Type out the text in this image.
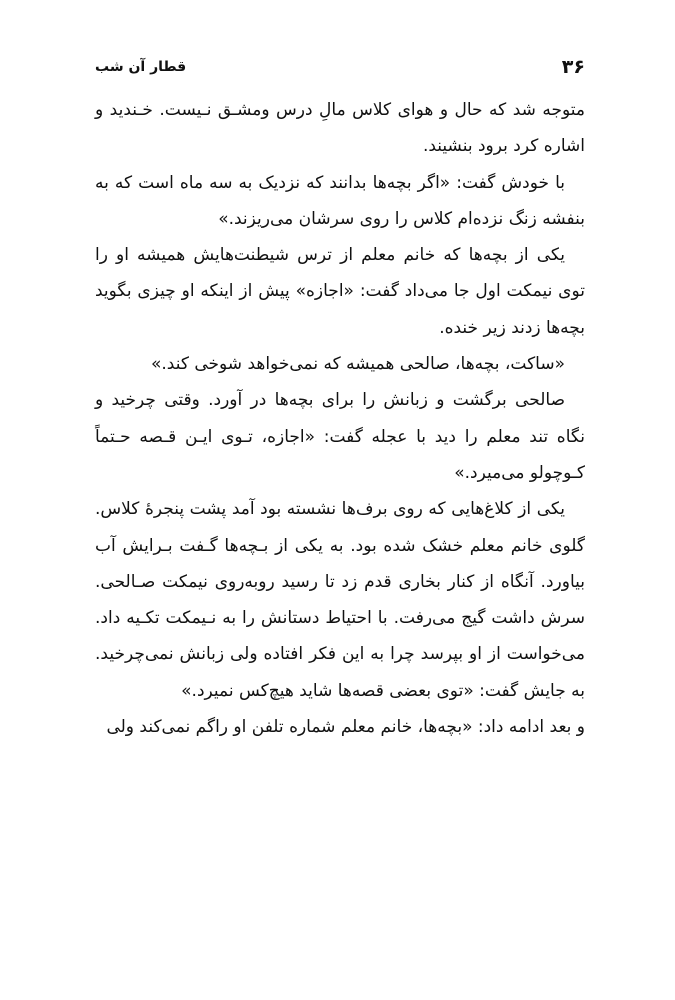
۳۶
قطار آن شب

متوجه شد که حال و هوای کلاس مالِ درس ومشـق نـیست. خـندید و اشاره کرد برود بنشیند.

با خودش گفت: «اگر بچه‌ها بدانند که نزدیک به سه ماه است که به بنفشه زنگ نزده‌ام کلاس را روی سرشان می‌ریزند.»

یکی از بچه‌ها که خانم معلم از ترس شیطنت‌هایش همیشه او را توی نیمکت اول جا می‌داد گفت: «اجازه» پیش از اینکه او چیزی بگوید بچه‌ها زدند زیر خنده.

«ساکت، بچه‌ها، صالحی همیشه که نمی‌خواهد شوخی کند.»

صالحی برگشت و زبانش را برای بچه‌ها در آورد. وقتی چرخید و نگاه تند معلم را دید با عجله گفت: «اجازه، تـوی ایـن قـصه حـتماً کـوچولو می‌میرد.»

یکی از کلاغ‌هایی که روی برف‌ها نشسته بود آمد پشت پنجرهٔ کلاس. گلوی خانم معلم خشک شده بود. به یکی از بـچه‌ها گـفت بـرایش آب بیاورد. آنگاه از کنار بخاری قدم زد تا رسید روبه‌روی نیمکت صـالحی. سرش داشت گیج می‌رفت. با احتیاط دستانش را به نـیمکت تکـیه داد. می‌خواست از او بپرسد چرا به این فکر افتاده ولی زبانش نمی‌چرخید. به جایش گفت: «توی بعضی قصه‌ها شاید هیچ‌کس نمیرد.»

و بعد ادامه داد: «بچه‌ها، خانم معلم شماره تلفن او راگم نمی‌کند ولی
